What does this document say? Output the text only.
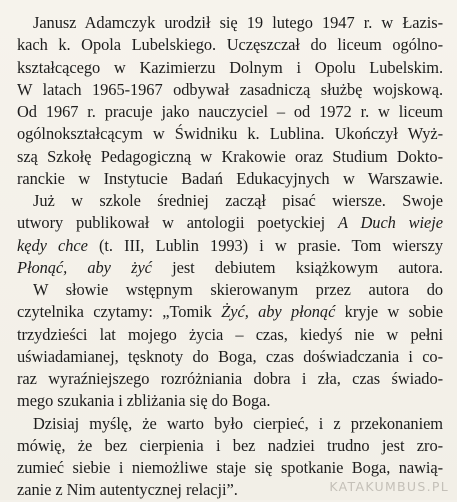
Janusz Adamczyk urodził się 19 lutego 1947 r. w Łazis-
kach k. Opola Lubelskiego. Uczęszczał do liceum ogólno-
kształcącego w Kazimierzu Dolnym i Opolu Lubelskim.
W latach 1965-1967 odbywał zasadniczą służbę wojskową.
Od 1967 r. pracuje jako nauczyciel – od 1972 r. w liceum
ogólnokształcącym w Świdniku k. Lublina. Ukończył Wyż-
szą Szkołę Pedagogiczną w Krakowie oraz Studium Dokto-
ranckie w Instytucie Badań Edukacyjnych w Warszawie.
Już w szkole średniej zaczął pisać wiersze. Swoje
utwory publikował w antologii poetyckiej A Duch wieje
kędy chce (t. III, Lublin 1993) i w prasie. Tom wierszy
Płonąć, aby żyć jest debiutem książkowym autora.
W słowie wstępnym skierowanym przez autora do
czytelnika czytamy: „Tomik Żyć, aby płonąć kryje w sobie
trzydzieści lat mojego życia – czas, kiedyś nie w pełni
uświadamianej, tęsknoty do Boga, czas doświadczania i co-
raz wyraźniejszego rozróżniania dobra i zła, czas świado-
mego szukania i zbliżania się do Boga.
Dzisiaj myślę, że warto było cierpieć, i z przekonaniem
mówię, że bez cierpienia i bez nadziei trudno jest zro-
zumieć siebie i niemożliwe staje się spotkanie Boga, nawią-
zanie z Nim autentycznej relacji”.	KATAKUMBUS.PL
